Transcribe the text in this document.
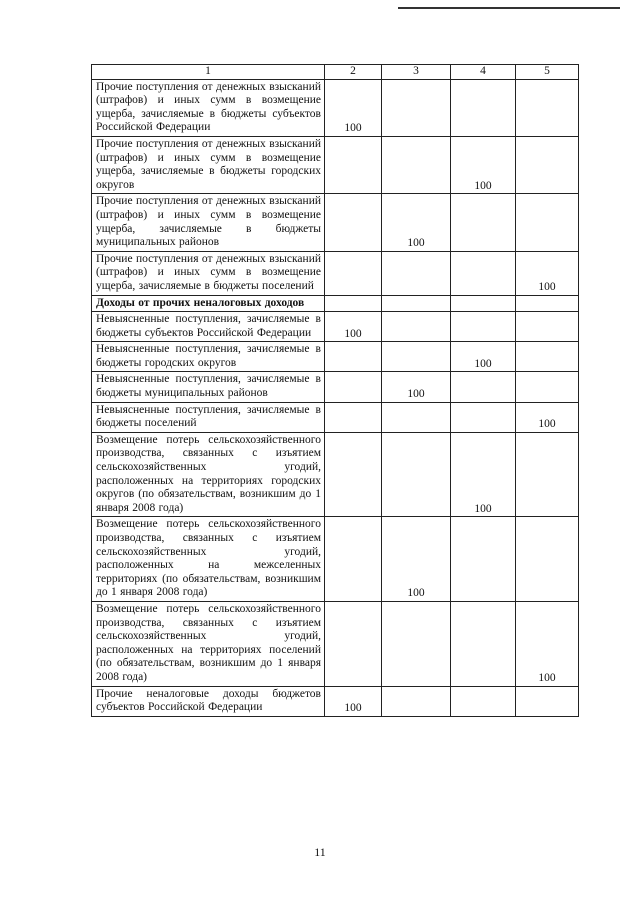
1	2	3	4	5
Прочие поступления от денежных взысканий (штрафов) и иных сумм в возмещение ущерба, зачисляемые в бюджеты субъектов Российской Федерации	100			
Прочие поступления от денежных взысканий (штрафов) и иных сумм в возмещение ущерба, зачисляемые в бюджеты городских округов			100	
Прочие поступления от денежных взысканий (штрафов) и иных сумм в возмещение ущерба, зачисляемые в бюджеты муниципальных районов		100		
Прочие поступления от денежных взысканий (штрафов) и иных сумм в возмещение ущерба, зачисляемые в бюджеты поселений				100
Доходы от прочих неналоговых доходов				
Невыясненные поступления, зачисляемые в бюджеты субъектов Российской Федерации	100			
Невыясненные поступления, зачисляемые в бюджеты городских округов			100	
Невыясненные поступления, зачисляемые в бюджеты муниципальных районов		100		
Невыясненные поступления, зачисляемые в бюджеты поселений				100
Возмещение потерь сельскохозяйственного производства, связанных с изъятием сельскохозяйственных угодий, расположенных на территориях городских округов (по обязательствам, возникшим до 1 января 2008 года)			100	
Возмещение потерь сельскохозяйственного производства, связанных с изъятием сельскохозяйственных угодий, расположенных на межселенных территориях (по обязательствам, возникшим до 1 января 2008 года)		100		
Возмещение потерь сельскохозяйственного производства, связанных с изъятием сельскохозяйственных угодий, расположенных на территориях поселений (по обязательствам, возникшим до 1 января 2008 года)				100
Прочие неналоговые доходы бюджетов субъектов Российской Федерации	100			
11
